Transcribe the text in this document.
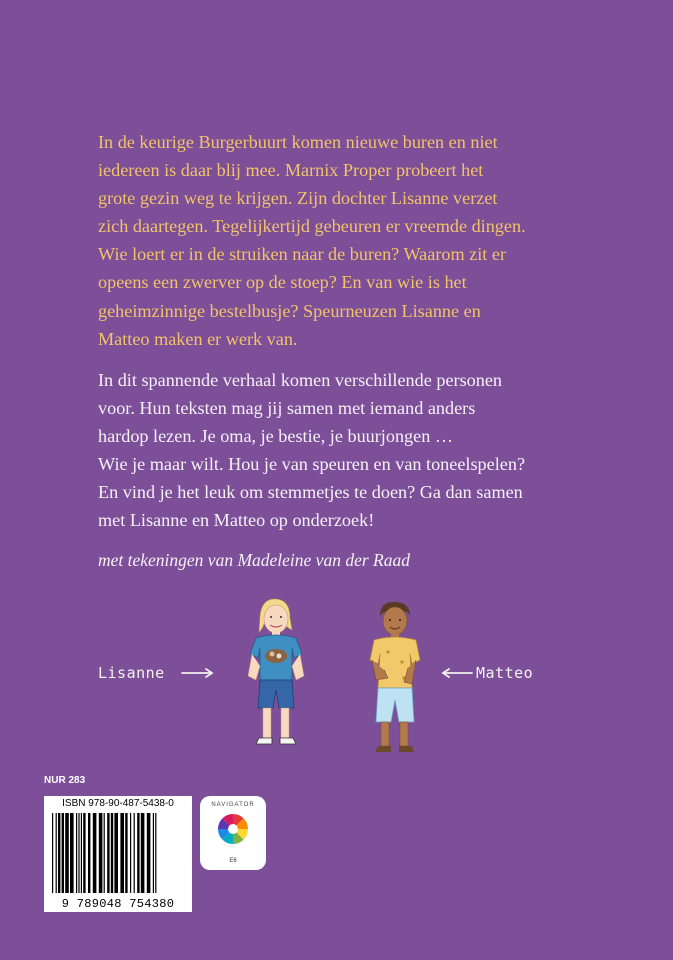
In de keurige Burgerbuurt komen nieuwe buren en niet

iedereen is daar blij mee. Marnix Proper probeert het

grote gezin weg te krijgen. Zijn dochter Lisanne verzet

zich daartegen. Tegelijkertijd gebeuren er vreemde dingen.

Wie loert er in de struiken naar de buren? Waarom zit er

opeens een zwerver op de stoep? En van wie is het

geheimzinnige bestelbusje? Speurneuzen Lisanne en

Matteo maken er werk van.

In dit spannende verhaal komen verschillende personen

voor. Hun teksten mag jij samen met iemand anders

hardop lezen. Je oma, je bestie, je buurjongen …

Wie je maar wilt. Hou je van speuren en van toneelspelen?

En vind je het leuk om stemmetjes te doen? Ga dan samen

met Lisanne en Matteo op onderzoek!

met tekeningen van Madeleine van der Raad
Lisanne	Matteo
NUR 283
ISBN 978-90-487-5438-0
9 789048 754380
NAVIGATOR
E6
